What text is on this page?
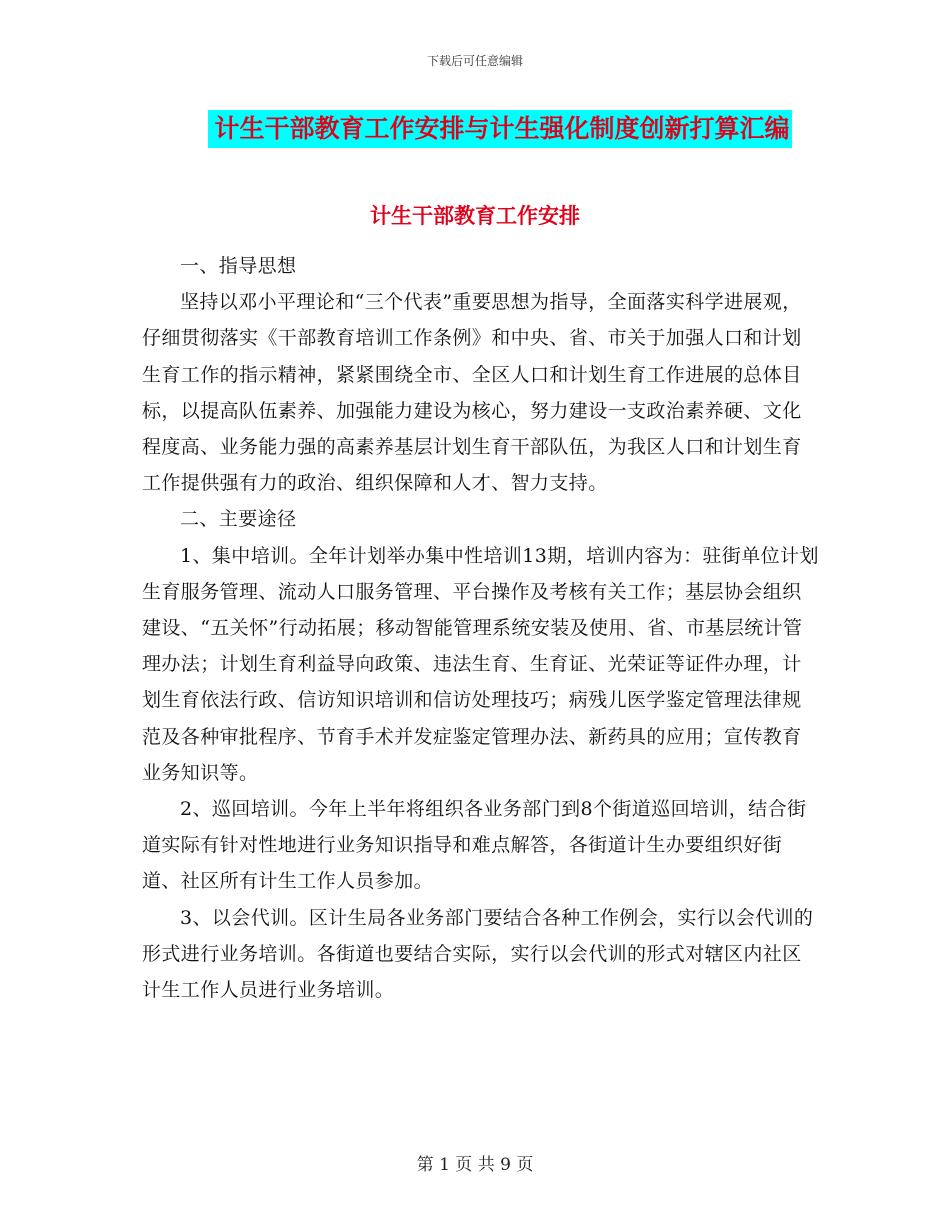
下载后可任意编辑
计生干部教育工作安排与计生强化制度创新打算汇编
计生干部教育工作安排

一、指导思想

坚持以邓小平理论和“三个代表”重要思想为指导，全面落实科学进展观，仔细贯彻落实《干部教育培训工作条例》和中央、省、市关于加强人口和计划生育工作的指示精神，紧紧围绕全市、全区人口和计划生育工作进展的总体目标，以提高队伍素养、加强能力建设为核心，努力建设一支政治素养硬、文化程度高、业务能力强的高素养基层计划生育干部队伍，为我区人口和计划生育工作提供强有力的政治、组织保障和人才、智力支持。

二、主要途径

1、集中培训。全年计划举办集中性培训13期，培训内容为：驻街单位计划生育服务管理、流动人口服务管理、平台操作及考核有关工作；基层协会组织建设、“五关怀”行动拓展；移动智能管理系统安装及使用、省、市基层统计管理办法；计划生育利益导向政策、违法生育、生育证、光荣证等证件办理，计划生育依法行政、信访知识培训和信访处理技巧；病残儿医学鉴定管理法律规范及各种审批程序、节育手术并发症鉴定管理办法、新药具的应用；宣传教育业务知识等。

2、巡回培训。今年上半年将组织各业务部门到8个街道巡回培训，结合街道实际有针对性地进行业务知识指导和难点解答，各街道计生办要组织好街道、社区所有计生工作人员参加。

3、以会代训。区计生局各业务部门要结合各种工作例会，实行以会代训的形式进行业务培训。各街道也要结合实际，实行以会代训的形式对辖区内社区计生工作人员进行业务培训。

第 1 页 共 9 页
